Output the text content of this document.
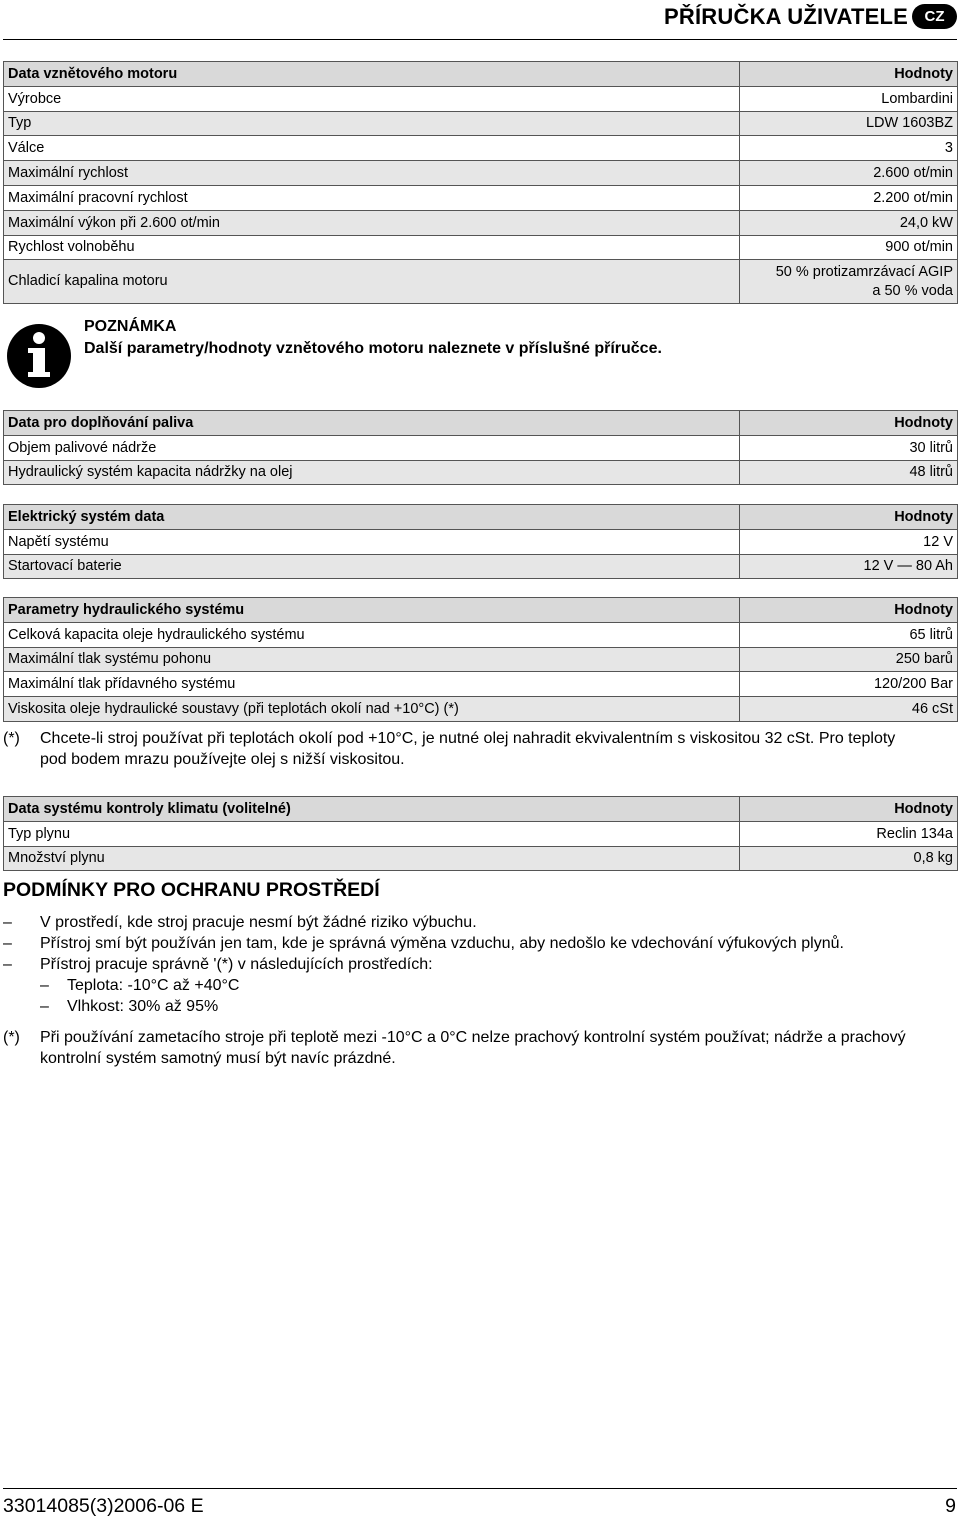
PŘÍRUČKA UŽIVATELE	CZ
Data vznětového motoru	Hodnoty
Výrobce	Lombardini
Typ	LDW 1603BZ
Válce	3
Maximální rychlost	2.600 ot/min
Maximální pracovní rychlost	2.200 ot/min
Maximální výkon při 2.600 ot/min	24,0 kW
Rychlost volnoběhu	900 ot/min
Chladicí kapalina motoru	50 % protizamrzávací AGIP
a 50 % voda
POZNÁMKA
Další parametry/hodnoty vznětového motoru naleznete v příslušné příručce.
Data pro doplňování paliva	Hodnoty
Objem palivové nádrže	30 litrů
Hydraulický systém kapacita nádržky na olej	48 litrů
Elektrický systém data	Hodnoty
Napětí systému	12 V
Startovací baterie	12 V — 80 Ah
Parametry hydraulického systému	Hodnoty
Celková kapacita oleje hydraulického systému	65 litrů
Maximální tlak systému pohonu	250 barů
Maximální tlak přídavného systému	120/200 Bar
Viskosita oleje hydraulické soustavy (při teplotách okolí nad +10°C) (*)	46 cSt
(*) Chcete-li stroj používat při teplotách okolí pod +10°C, je nutné olej nahradit ekvivalentním s viskositou 32 cSt. Pro teploty
pod bodem mrazu používejte olej s nižší viskositou.
Data systému kontroly klimatu (volitelné)	Hodnoty
Typ plynu	Reclin 134a
Množství plynu	0,8 kg
PODMÍNKY PRO OCHRANU PROSTŘEDÍ
– V prostředí, kde stroj pracuje nesmí být žádné riziko výbuchu.
– Přístroj smí být používán jen tam, kde je správná výměna vzduchu, aby nedošlo ke vdechování výfukových plynů.
– Přístroj pracuje správně '(*) v následujících prostředích:
– Teplota: -10°C až +40°C
– Vlhkost: 30% až 95%
(*) Při používání zametacího stroje při teplotě mezi -10°C a 0°C nelze prachový kontrolní systém používat; nádrže a prachový
kontrolní systém samotný musí být navíc prázdné.
33014085(3)2006-06 E	9
